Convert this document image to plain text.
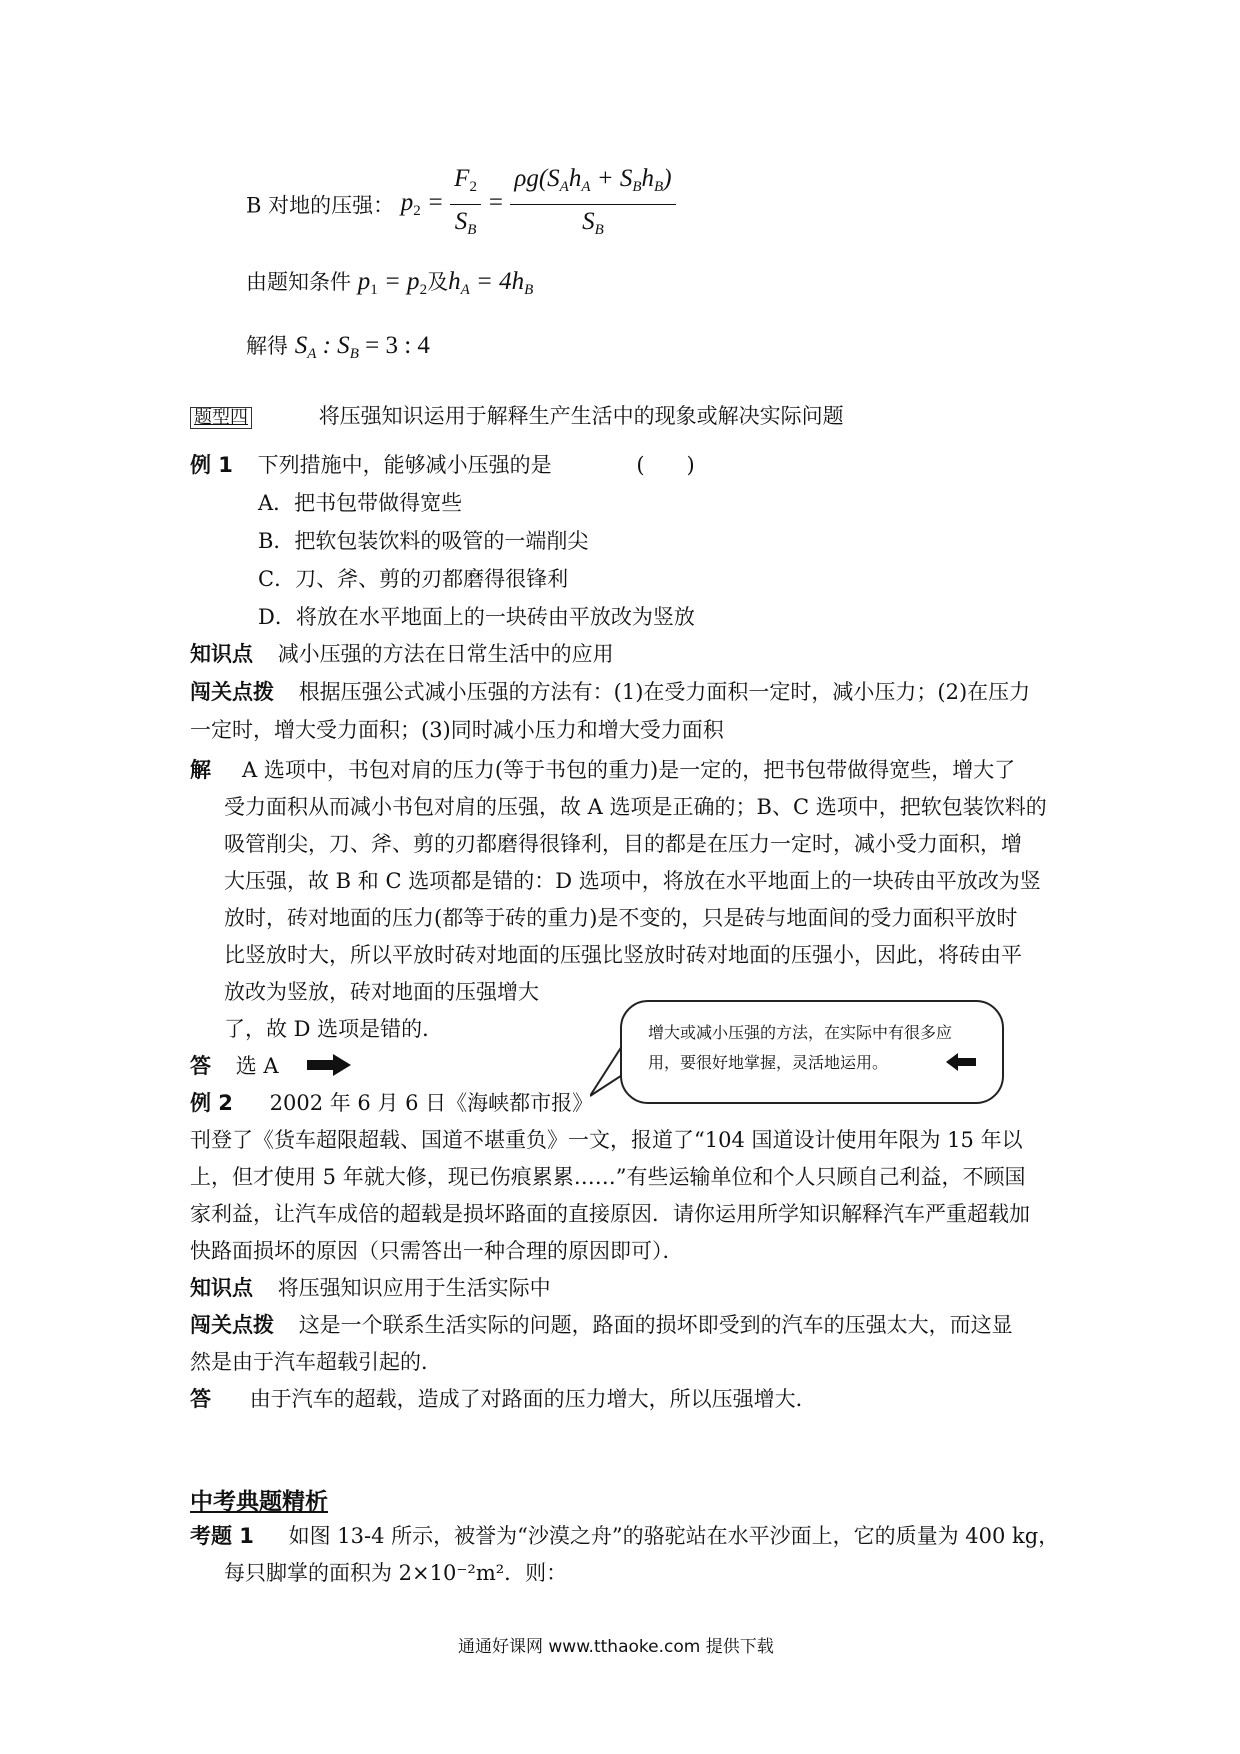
B 对地的压强： $p_2 = \frac{F_2}{S_B} = \frac{\rho g(S_Ah_A + S_Bh_B)}{S_B}$
由题知条件 $p_1 = p_2$及$h_A = 4h_B$
解得 $S_A$ : $S_B = 3$ : 4
题型四	将压强知识运用于解释生产生活中的现象或解决实际问题
例 1 下列措施中，能够减小压强的是	(　　)
A．把书包带做得宽些
B．把软包装饮料的吸管的一端削尖
C．刀、斧、剪的刃都磨得很锋利
D．将放在水平地面上的一块砖由平放改为竖放
知识点 减小压强的方法在日常生活中的应用
闯关点拨 根据压强公式减小压强的方法有：(1)在受力面积一定时，减小压力；(2)在压力
一定时，增大受力面积；(3)同时减小压力和增大受力面积
解 A 选项中，书包对肩的压力(等于书包的重力)是一定的，把书包带做得宽些，增大了
受力面积从而减小书包对肩的压强，故 A 选项是正确的；B、C 选项中，把软包装饮料的
吸管削尖，刀、斧、剪的刃都磨得很锋利，目的都是在压力一定时，减小受力面积，增
大压强，故 B 和 C 选项都是错的：D 选项中，将放在水平地面上的一块砖由平放改为竖
放时，砖对地面的压力(都等于砖的重力)是不变的，只是砖与地面间的受力面积平放时
比竖放时大，所以平放时砖对地面的压强比竖放时砖对地面的压强小，因此，将砖由平
放改为竖放，砖对地面的压强增大
了，故 D 选项是错的．
答 选 A
增大或减小压强的方法，在实际中有很多应用，要很好地掌握，灵活地运用。
例 2 2002 年 6 月 6 日《海峡都市报》
刊登了《货车超限超载、国道不堪重负》一文，报道了“104 国道设计使用年限为 15 年以
上，但才使用 5 年就大修，现已伤痕累累……”有些运输单位和个人只顾自己利益，不顾国
家利益，让汽车成倍的超载是损坏路面的直接原因．请你运用所学知识解释汽车严重超载加
快路面损坏的原因（只需答出一种合理的原因即可）．
知识点 将压强知识应用于生活实际中
闯关点拨 这是一个联系生活实际的问题，路面的损坏即受到的汽车的压强太大，而这显
然是由于汽车超载引起的．
答 由于汽车的超载，造成了对路面的压力增大，所以压强增大．
中考典题精析
考题 1 如图 13-4 所示，被誉为“沙漠之舟”的骆驼站在水平沙面上，它的质量为 400 kg，
每只脚掌的面积为 2×10⁻²m²．则：
通通好课网 www.tthaoke.com 提供下载
